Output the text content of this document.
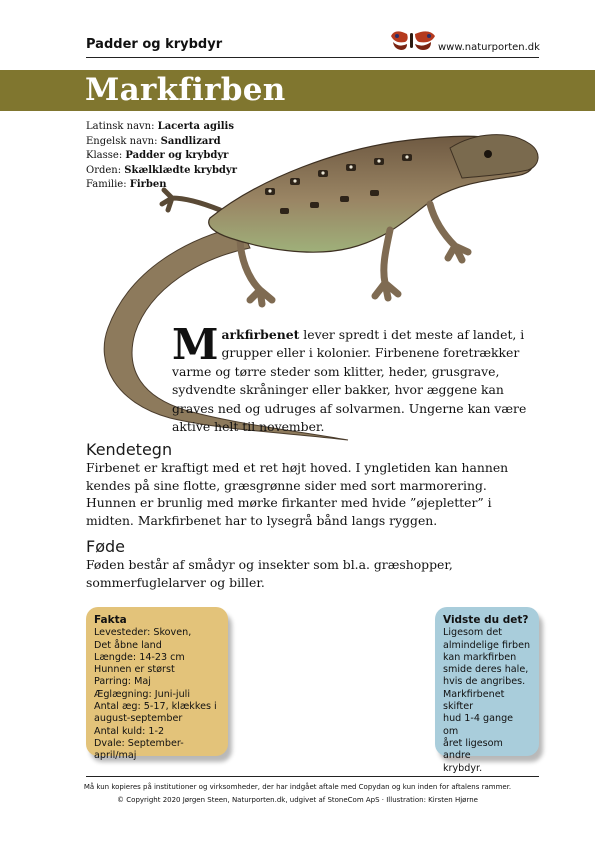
Padder og krybdyr	www.naturporten.dk
Markfirben
Latinsk navn: Lacerta agilis
Engelsk navn: Sandlizard
Klasse: Padder og krybdyr
Orden: Skælklædte krybdyr
Familie: Firben
Markfirbenet lever spredt i det meste af landet, i grupper eller i kolonier. Firbenene foretrækker varme og tørre steder som klitter, heder, grusgrave, sydvendte skråninger eller bakker, hvor æggene kan graves ned og udruges af solvarmen. Ungerne kan være aktive helt til november.
Kendetegn
Firbenet er kraftigt med et ret højt hoved. I yngletiden kan hannen kendes på sine flotte, græsgrønne sider med sort marmorering. Hunnen er brunlig med mørke firkanter med hvide ”øjepletter” i midten. Markfirbenet har to lysegrå bånd langs ryggen.
Føde
Føden består af smådyr og insekter som bl.a. græshopper, sommerfuglelarver og biller.
Fakta
Levesteder: Skoven,
Det åbne land
Længde: 14-23 cm
Hunnen er størst
Parring: Maj
Æglægning: Juni-juli
Antal æg: 5-17, klækkes i
august-september
Antal kuld: 1-2
Dvale: September-april/maj
Vidste du det?
Ligesom det
almindelige firben
kan markfirben
smide deres hale,
hvis de angribes.
Markfirbenet skifter
hud 1-4 gange om
året ligesom andre
krybdyr.
Må kun kopieres på institutioner og virksomheder, der har indgået aftale med Copydan og kun inden for aftalens rammer.
© Copyright 2020 Jørgen Steen, Naturporten.dk, udgivet af StoneCom ApS · Illustration: Kirsten Hjørne
